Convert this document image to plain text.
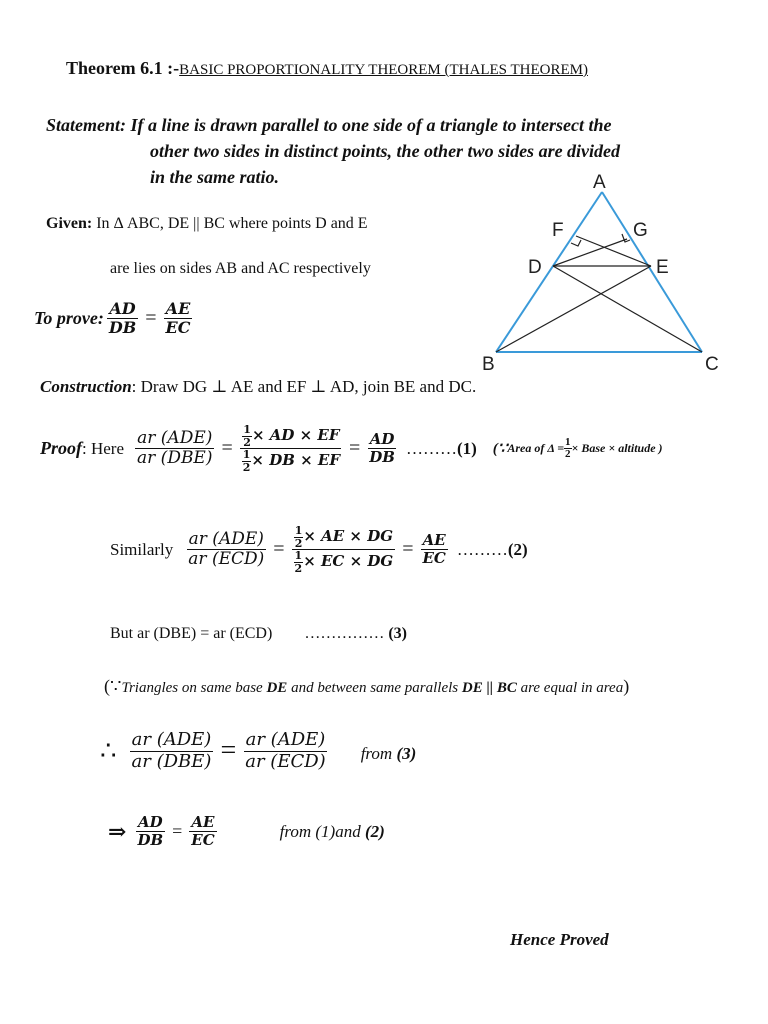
Theorem 6.1 :-BASIC PROPORTIONALITY THEOREM (THALES THEOREM)
Statement: If a line is drawn parallel to one side of a triangle to intersect the
other two sides in distinct points, the other two sides are divided
in the same ratio.
Given: In Δ ABC, DE || BC where points D and E
are lies on sides AB and AC respectively
To prove: $\frac{AD}{DB} = \frac{AE}{EC}$
A
F	G
D	E
B	C
Construction: Draw DG ⊥ AE and EF ⊥ AD, join BE and DC.
Proof : Here $\frac{\text{ar (ADE)}}{\text{ar (DBE)}} = \frac{\frac{1}{2} \times AD \times EF}{\frac{1}{2} \times DB \times EF} = \frac{AD}{DB}$ ……… (1) (∵ Area of $\Delta = \frac{1}{2}$ × Base × altitude )
Similarly $\frac{\text{ar (ADE)}}{\text{ar (ECD)}} = \frac{\frac{1}{2} \times AE \times DG}{\frac{1}{2} \times EC \times DG} = \frac{AE}{EC}$ ……… (2)
But ar (DBE) = ar (ECD) …………… (3)
(∵Triangles on same base DE and between same parallels DE || BC are equal in area)
∴ $\frac{\text{ar (ADE)}}{\text{ar (DBE)}} = \frac{\text{ar (ADE)}}{\text{ar (ECD)}}$ from (3)
⇒ $\frac{AD}{DB} = \frac{AE}{EC}$	from (1)and (2)
Hence Proved
